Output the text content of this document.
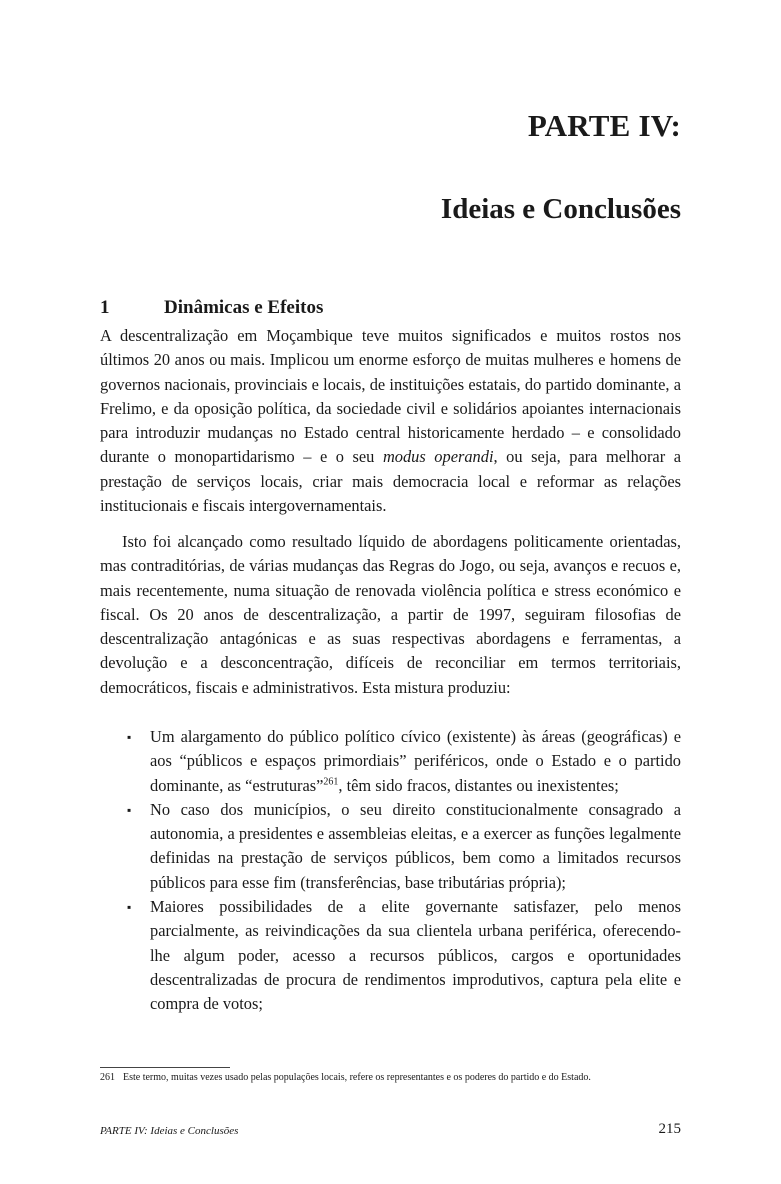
PARTE IV:
Ideias e Conclusões
1	Dinâmicas e Efeitos

A descentralização em Moçambique teve muitos significados e muitos rostos nos últimos 20 anos ou mais. Implicou um enorme esforço de muitas mulheres e homens de governos nacionais, provinciais e locais, de instituições estatais, do partido dominante, a Frelimo, e da oposição política, da sociedade civil e solidários apoiantes internacionais para introduzir mudanças no Estado central historicamente herdado – e consolidado durante o monopartidarismo – e o seu modus operandi, ou seja, para melhorar a prestação de serviços locais, criar mais democracia local e reformar as relações institucionais e fiscais intergovernamentais.

Isto foi alcançado como resultado líquido de abordagens politicamente orientadas, mas contraditórias, de várias mudanças das Regras do Jogo, ou seja, avanços e recuos e, mais recentemente, numa situação de renovada violência política e stress económico e fiscal. Os 20 anos de descentralização, a partir de 1997, seguiram filosofias de descentralização antagónicas e as suas respectivas abordagens e ferramentas, a devolução e a desconcentração, difíceis de reconciliar em termos territoriais, democráticos, fiscais e administrativos. Esta mistura produziu:

▪ Um alargamento do público político cívico (existente) às áreas (geográficas) e aos “públicos e espaços primordiais” periféricos, onde o Estado e o partido dominante, as “estruturas”$^{261}$, têm sido fracos, distantes ou inexistentes;
▪ No caso dos municípios, o seu direito constitucionalmente consagrado a autonomia, a presidentes e assembleias eleitas, e a exercer as funções legalmente definidas na prestação de serviços públicos, bem como a limitados recursos públicos para esse fim (transferências, base tributárias própria);
▪ Maiores possibilidades de a elite governante satisfazer, pelo menos parcialmente, as reivindicações da sua clientela urbana periférica, oferecendo-lhe algum poder, acesso a recursos públicos, cargos e oportunidades descentralizadas de procura de rendimentos improdutivos, captura pela elite e compra de votos;

261 Este termo, muitas vezes usado pelas populações locais, refere os representantes e os poderes do partido e do Estado.

PARTE IV: Ideias e Conclusões	215
